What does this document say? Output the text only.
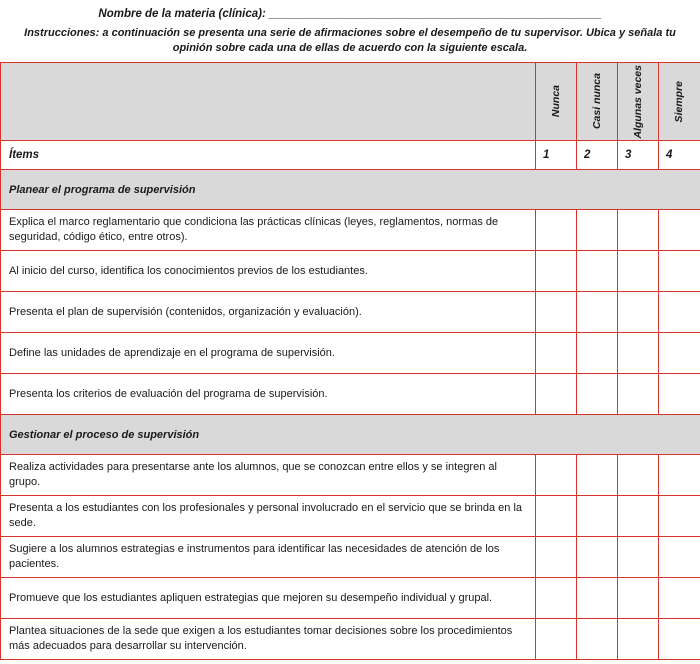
Nombre de la materia (clínica): ____________________________________________________
Instrucciones: a continuación se presenta una serie de afirmaciones sobre el desempeño de tu supervisor. Ubica y señala tu opinión sobre cada una de ellas de acuerdo con la siguiente escala.

	Nunca	Casi nunca	Algunas veces	Siempre

Ítems	1	2	3	4
Planear el programa de supervisión				
Explica el marco reglamentario que condiciona las prácticas clínicas (leyes, reglamentos, normas de seguridad, código ético, entre otros).				
Al inicio del curso, identifica los conocimientos previos de los estudiantes.				
Presenta el plan de supervisión (contenidos, organización y evaluación).				
Define las unidades de aprendizaje en el programa de supervisión.				
Presenta los criterios de evaluación del programa de supervisión.				
Gestionar el proceso de supervisión				
Realiza actividades para presentarse ante los alumnos, que se conozcan entre ellos y se integren al grupo.				
Presenta a los estudiantes con los profesionales y personal involucrado en el servicio que se brinda en la sede.				
Sugiere a los alumnos estrategias e instrumentos para identificar las necesidades de atención de los pacientes.				
Promueve que los estudiantes apliquen estrategias que mejoren su desempeño individual y grupal.				
Plantea situaciones de la sede que exigen a los estudiantes tomar decisiones sobre los procedimientos más adecuados para desarrollar su intervención.				
